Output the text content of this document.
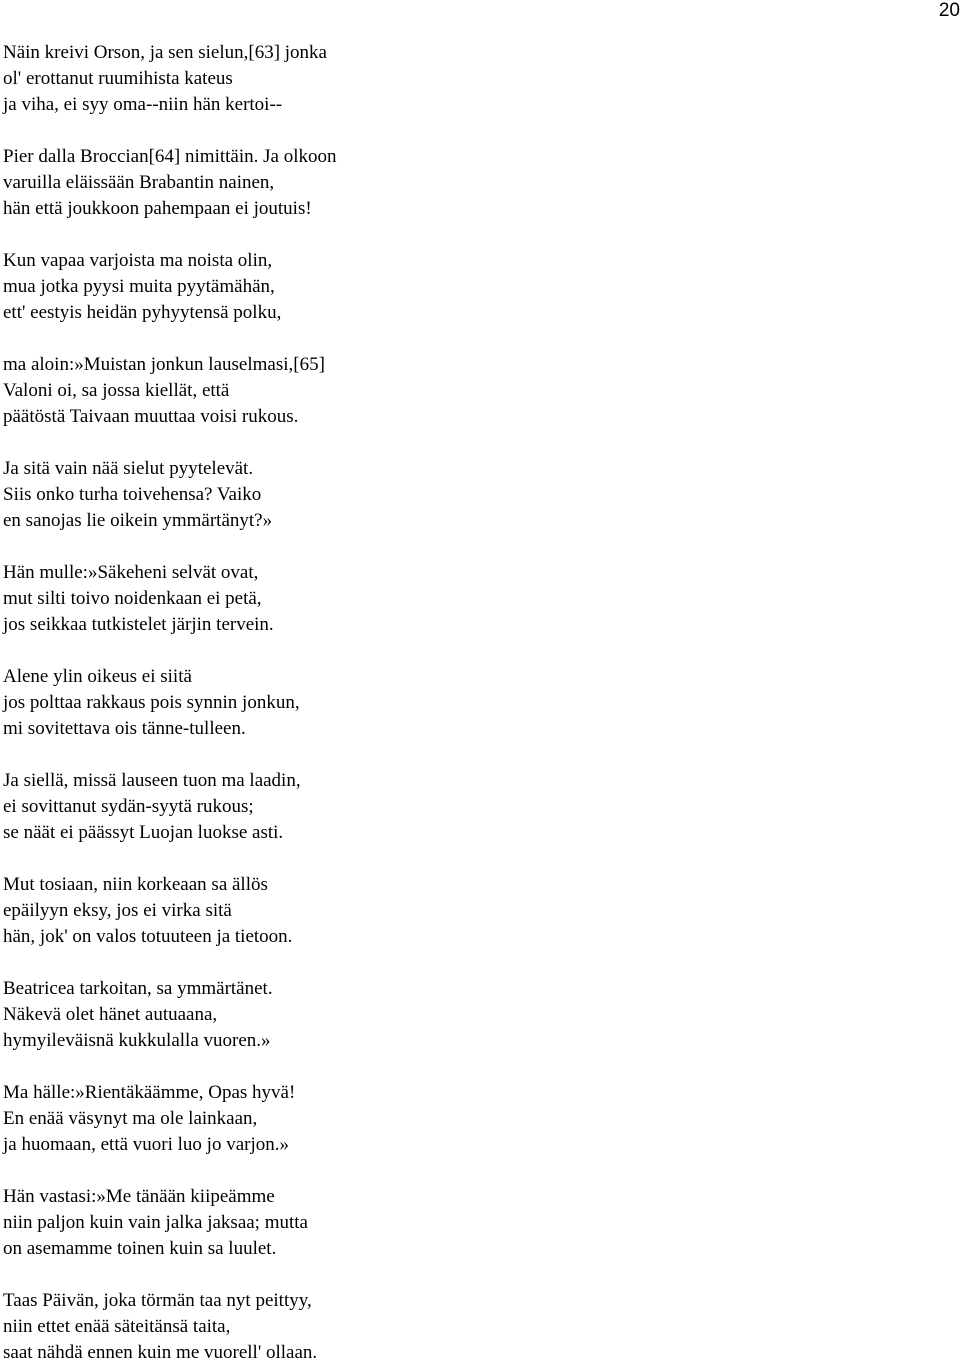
20
Näin kreivi Orson, ja sen sielun,[63] jonka
ol' erottanut ruumihista kateus
ja viha, ei syy oma--niin hän kertoi--
Pier dalla Broccian[64] nimittäin. Ja olkoon
varuilla eläissään Brabantin nainen,
hän että joukkoon pahempaan ei joutuis!
Kun vapaa varjoista ma noista olin,
mua jotka pyysi muita pyytämähän,
ett' eestyis heidän pyhyytensä polku,
ma aloin:»Muistan jonkun lauselmasi,[65]
Valoni oi, sa jossa kiellät, että
päätöstä Taivaan muuttaa voisi rukous.
Ja sitä vain nää sielut pyytelevät.
Siis onko turha toivehensa? Vaiko
en sanojas lie oikein ymmärtänyt?»
Hän mulle:»Säkeheni selvät ovat,
mut silti toivo noidenkaan ei petä,
jos seikkaa tutkistelet järjin tervein.
Alene ylin oikeus ei siitä
jos polttaa rakkaus pois synnin jonkun,
mi sovitettava ois tänne-tulleen.
Ja siellä, missä lauseen tuon ma laadin,
ei sovittanut sydän-syytä rukous;
se näät ei päässyt Luojan luokse asti.
Mut tosiaan, niin korkeaan sa ällös
epäilyyn eksy, jos ei virka sitä
hän, jok' on valos totuuteen ja tietoon.
Beatricea tarkoitan, sa ymmärtänet.
Näkevä olet hänet autuaana,
hymyileväisnä kukkulalla vuoren.»
Ma hälle:»Rientäkäämme, Opas hyvä!
En enää väsynyt ma ole lainkaan,
ja huomaan, että vuori luo jo varjon.»
Hän vastasi:»Me tänään kiipeämme
niin paljon kuin vain jalka jaksaa; mutta
on asemamme toinen kuin sa luulet.
Taas Päivän, joka törmän taa nyt peittyy,
niin ettet enää säteitänsä taita,
saat nähdä ennen kuin me vuorell' ollaan.
